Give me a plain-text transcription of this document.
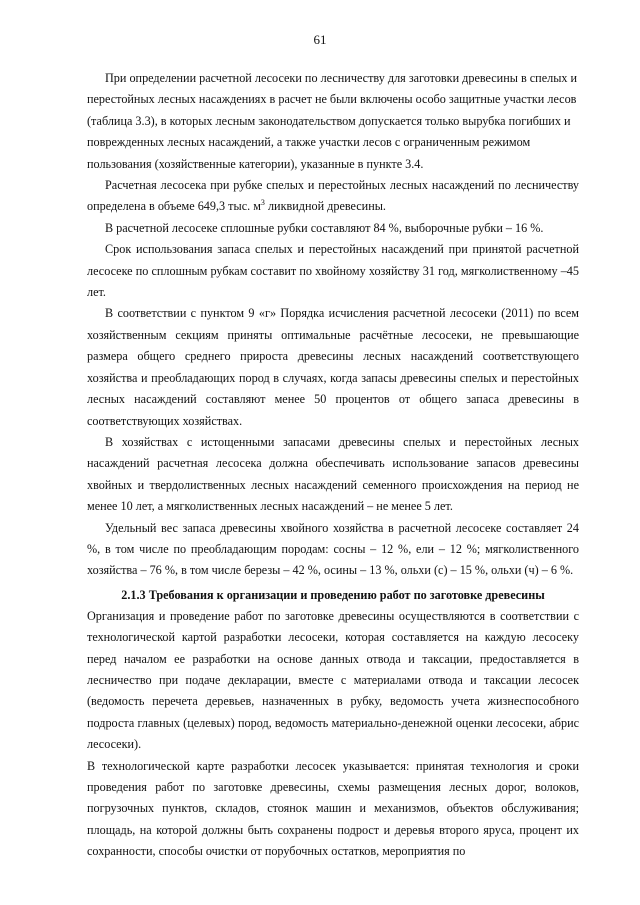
61

При определении расчетной лесосеки по лесничеству для заготовки древесины в спелых и перестойных лесных насаждениях в расчет не были включены особо защитные участки лесов (таблица 3.3), в которых лесным законодательством допускается только вырубка погибших и поврежденных лесных насаждений, а также участки лесов с ограниченным режимом пользования (хозяйственные категории), указанные в пункте 3.4.

Расчетная лесосека при рубке спелых и перестойных лесных насаждений по лесничеству определена в объеме 649,3 тыс. $м^3$ ликвидной древесины.

В расчетной лесосеке сплошные рубки составляют 84 %, выборочные рубки – 16 %.

Срок использования запаса спелых и перестойных насаждений при принятой расчетной лесосеке по сплошным рубкам составит по хвойному хозяйству 31 год, мягколиственному –45 лет.

В соответствии с пунктом 9 «г» Порядка исчисления расчетной лесосеки (2011) по всем хозяйственным секциям приняты оптимальные расчётные лесосеки, не превышающие размера общего среднего прироста древесины лесных насаждений соответствующего хозяйства и преобладающих пород в случаях, когда запасы древесины спелых и перестойных лесных насаждений составляют менее 50 процентов от общего запаса древесины в соответствующих хозяйствах.

В хозяйствах с истощенными запасами древесины спелых и перестойных лесных насаждений расчетная лесосека должна обеспечивать использование запасов древесины хвойных и твердолиственных лесных насаждений семенного происхождения на период не менее 10 лет, а мягколиственных лесных насаждений – не менее 5 лет.

Удельный вес запаса древесины хвойного хозяйства в расчетной лесосеке составляет 24 %, в том числе по преобладающим породам: сосны – 12 %, ели – 12 %; мягколиственного хозяйства – 76 %, в том числе березы – 42 %, осины – 13 %, ольхи (с) – 15 %, ольхи (ч) – 6 %.

2.1.3 Требования к организации и проведению работ по заготовке древесины

Организация и проведение работ по заготовке древесины осуществляются в соответствии с технологической картой разработки лесосеки, которая составляется на каждую лесосеку перед началом ее разработки на основе данных отвода и таксации, предоставляется в лесничество при подаче декларации, вместе с материалами отвода и таксации лесосек (ведомость перечета деревьев, назначенных в рубку, ведомость учета жизнеспособного подроста главных (целевых) пород, ведомость материально-денежной оценки лесосеки, абрис лесосеки).

В технологической карте разработки лесосек указывается: принятая технология и сроки проведения работ по заготовке древесины, схемы размещения лесных дорог, волоков, погрузочных пунктов, складов, стоянок машин и механизмов, объектов обслуживания; площадь, на которой должны быть сохранены подрост и деревья второго яруса, процент их сохранности, способы очистки от порубочных остатков, мероприятия по
